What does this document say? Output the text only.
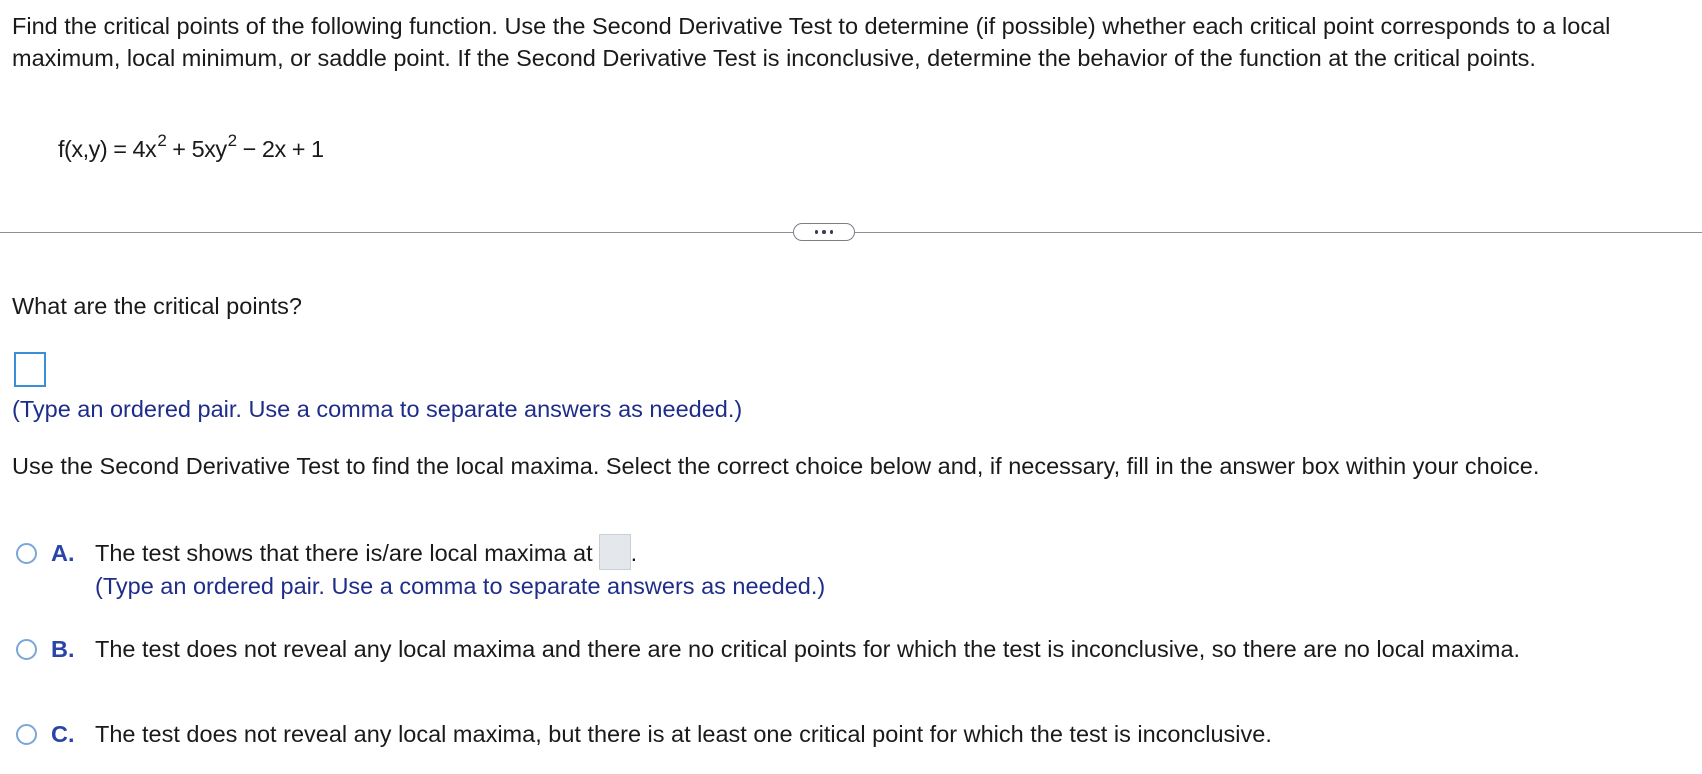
Find the critical points of the following function. Use the Second Derivative Test to determine (if possible) whether each critical point corresponds to a local maximum, local minimum, or saddle point. If the Second Derivative Test is inconclusive, determine the behavior of the function at the critical points.
$f(x,y) = 4x^2 + 5xy^2 - 2x + 1$
What are the critical points?
(Type an ordered pair. Use a comma to separate answers as needed.)
Use the Second Derivative Test to find the local maxima. Select the correct choice below and, if necessary, fill in the answer box within your choice.
A. The test shows that there is/are local maxima at .
(Type an ordered pair. Use a comma to separate answers as needed.)
B. The test does not reveal any local maxima and there are no critical points for which the test is inconclusive, so there are no local maxima.
C. The test does not reveal any local maxima, but there is at least one critical point for which the test is inconclusive.
